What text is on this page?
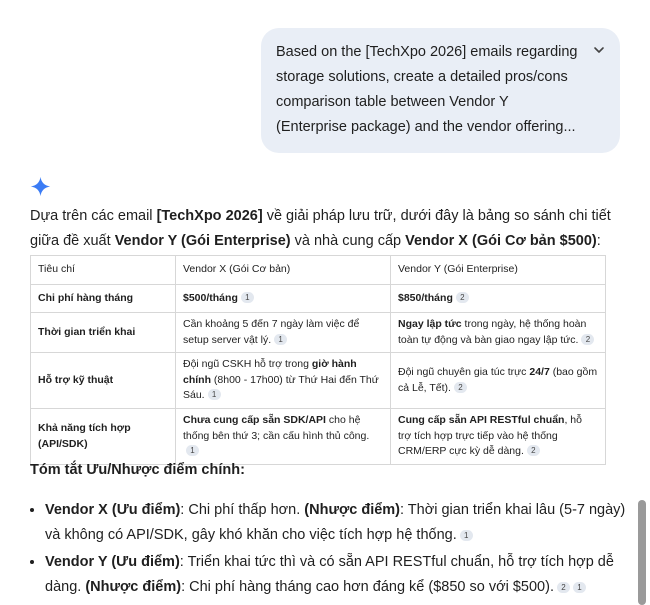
Based on the [TechXpo 2026] emails regarding storage solutions, create a detailed pros/cons comparison table between Vendor Y (Enterprise package) and the vendor offering...
Dựa trên các email [TechXpo 2026] về giải pháp lưu trữ, dưới đây là bảng so sánh chi tiết giữa đề xuất Vendor Y (Gói Enterprise) và nhà cung cấp Vendor X (Gói Cơ bản $500):
Tiêu chí	Vendor X (Gói Cơ bản)	Vendor Y (Gói Enterprise)
Chi phí hàng tháng	$500/tháng 1	$850/tháng 2
Thời gian triển khai	Cần khoảng 5 đến 7 ngày làm việc để setup server vật lý. 1	Ngay lập tức trong ngày, hệ thống hoàn toàn tự động và bàn giao ngay lập tức. 2
Hỗ trợ kỹ thuật	Đội ngũ CSKH hỗ trợ trong giờ hành chính (8h00 - 17h00) từ Thứ Hai đến Thứ Sáu. 1	Đội ngũ chuyên gia túc trực 24/7 (bao gồm cả Lễ, Tết). 2
Khả năng tích hợp (API/SDK)	Chưa cung cấp sẵn SDK/API cho hệ thống bên thứ 3; cần cấu hình thủ công.1	Cung cấp sẵn API RESTful chuẩn, hỗ trợ tích hợp trực tiếp vào hệ thống CRM/ERP cực kỳ dễ dàng. 2
Tóm tắt Ưu/Nhược điểm chính:
• Vendor X (Ưu điểm): Chi phí thấp hơn. (Nhược điểm): Thời gian triển khai lâu (5-7 ngày) và không có API/SDK, gây khó khăn cho việc tích hợp hệ thống. 1
• Vendor Y (Ưu điểm): Triển khai tức thì và có sẵn API RESTful chuẩn, hỗ trợ tích hợp dễ dàng. (Nhược điểm): Chi phí hàng tháng cao hơn đáng kể ($850 so với $500). 2 1
